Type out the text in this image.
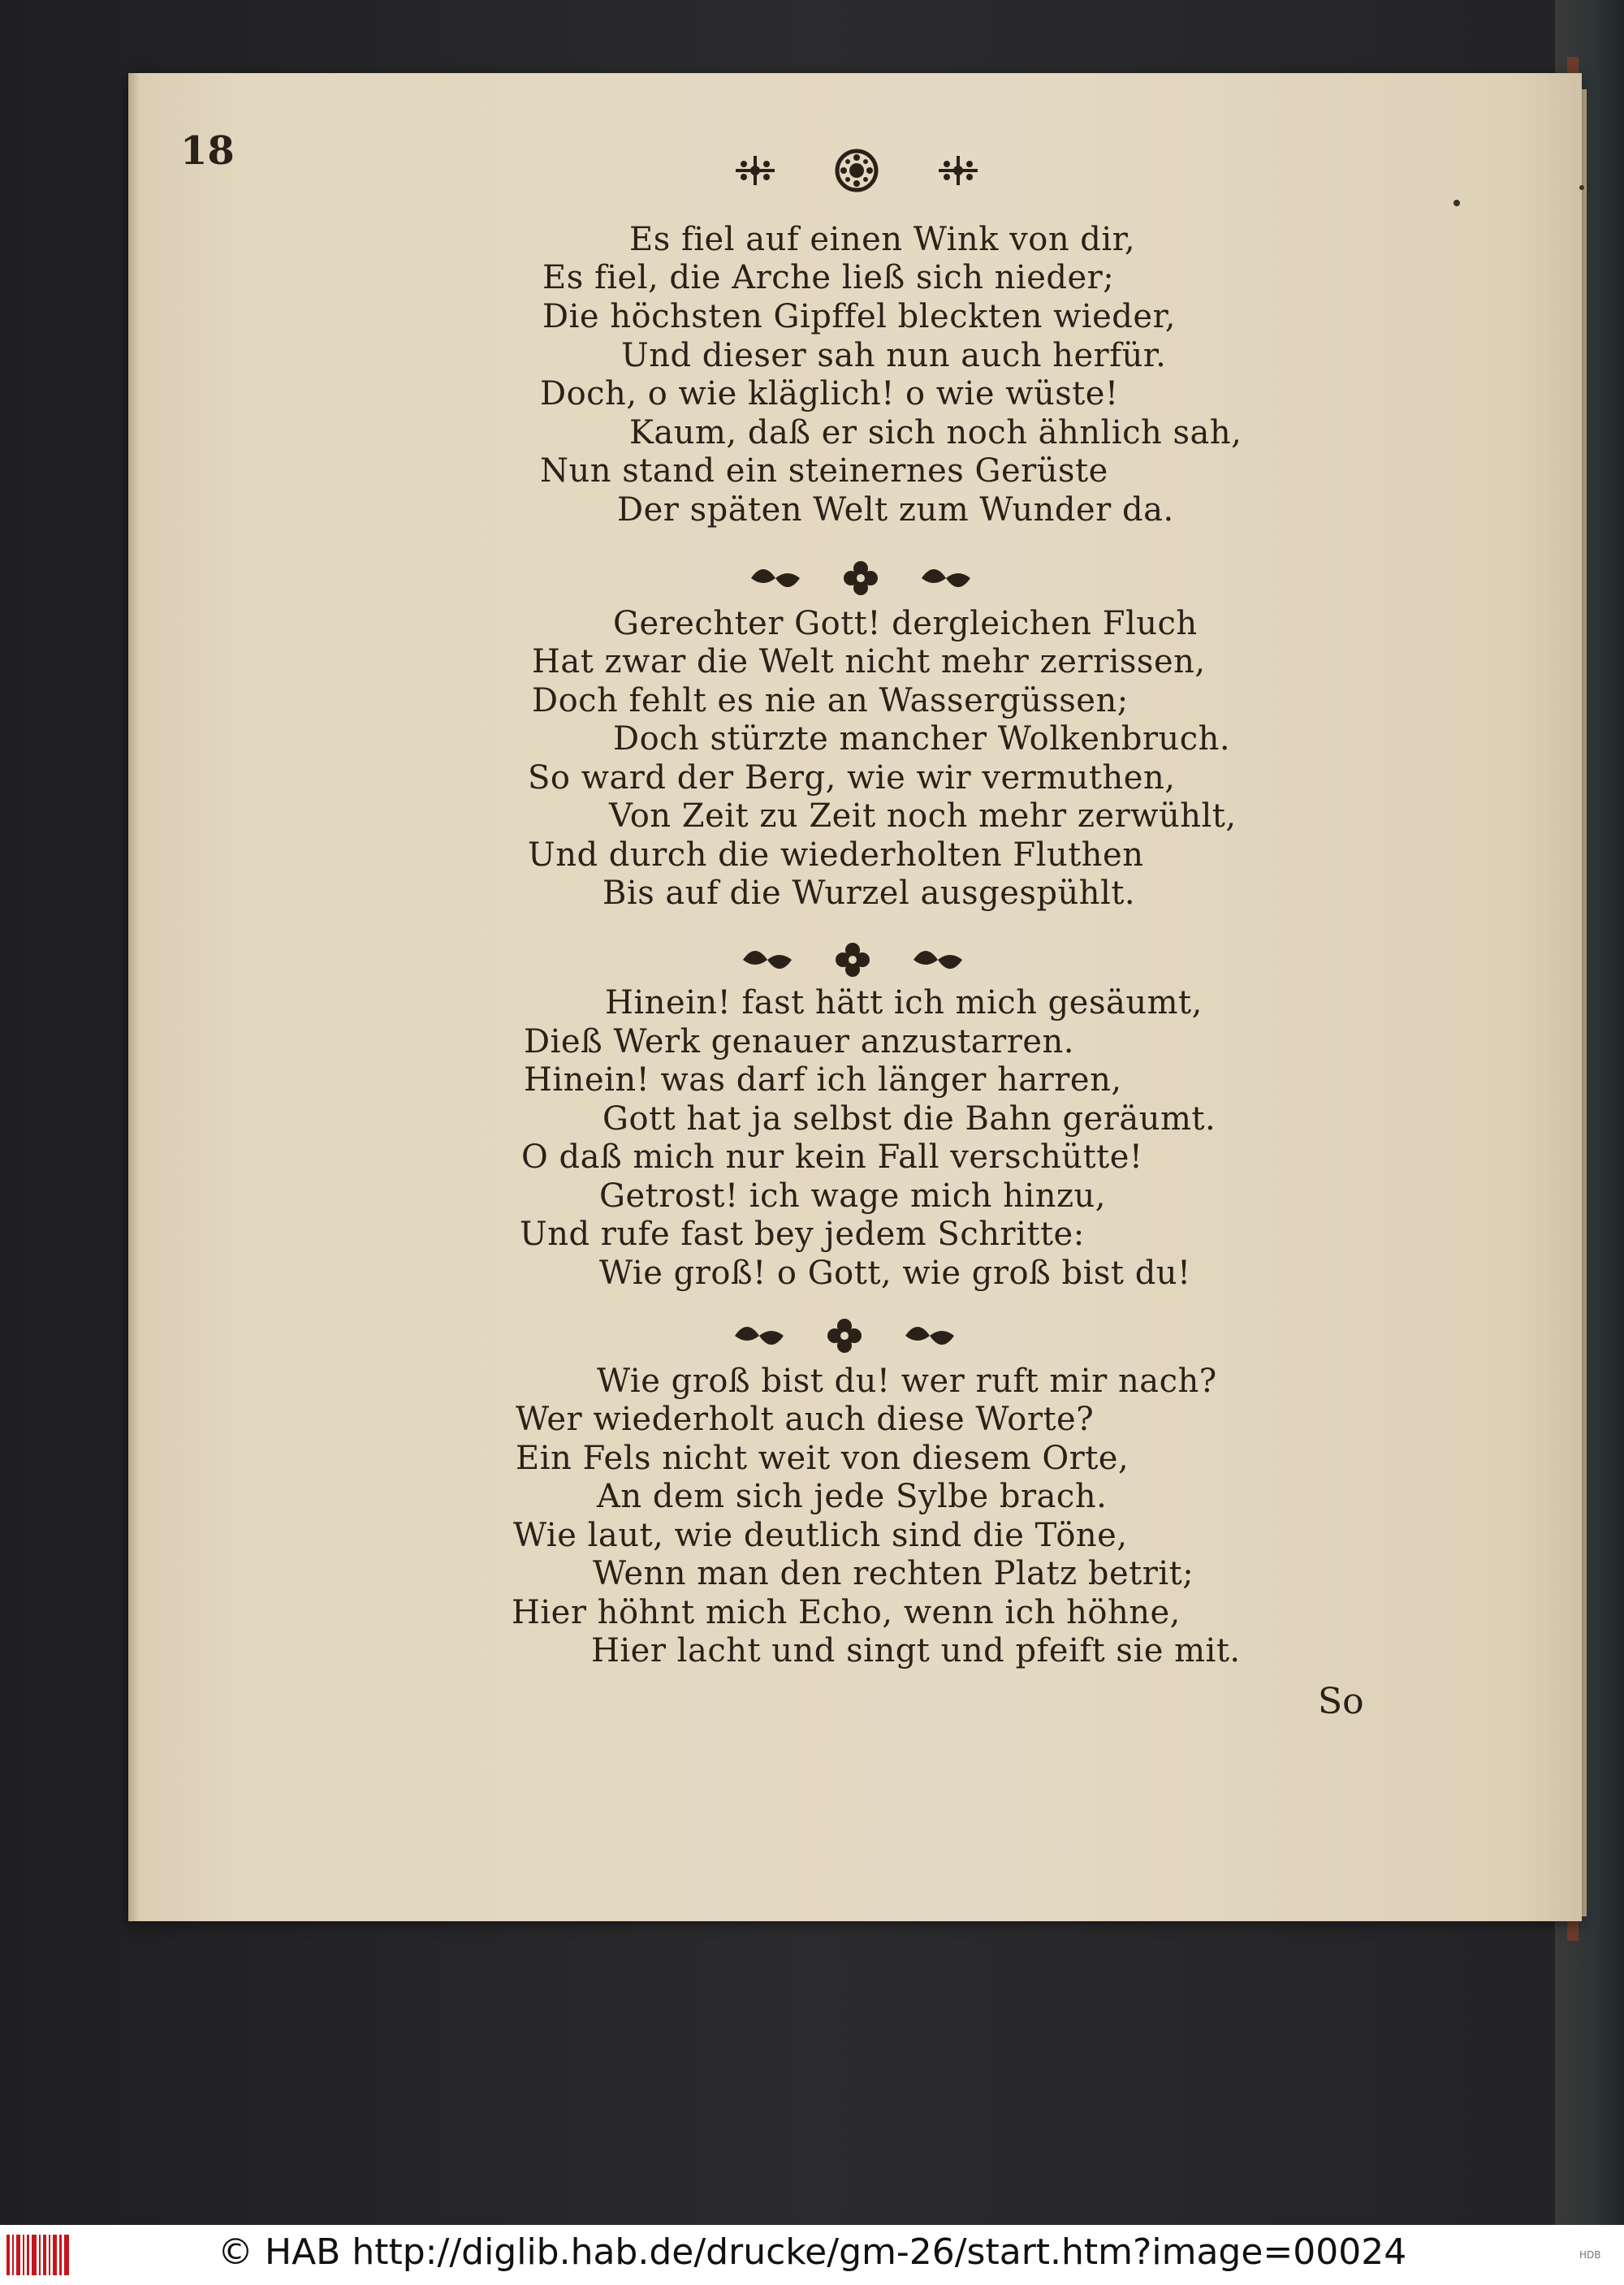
18
Es fiel auf einen Wink von dir,
Es fiel, die Arche ließ sich nieder;
Die höchsten Gipffel bleckten wieder,
Und dieser sah nun auch herfür.
Doch, o wie kläglich! o wie wüste!
Kaum, daß er sich noch ähnlich sah,
Nun stand ein steinernes Gerüste
Der späten Welt zum Wunder da.
Gerechter Gott! dergleichen Fluch
Hat zwar die Welt nicht mehr zerrissen,
Doch fehlt es nie an Wassergüssen;
Doch stürzte mancher Wolkenbruch.
So ward der Berg, wie wir vermuthen,
Von Zeit zu Zeit noch mehr zerwühlt,
Und durch die wiederholten Fluthen
Bis auf die Wurzel ausgespühlt.
Hinein! fast hätt ich mich gesäumt,
Dieß Werk genauer anzustarren.
Hinein! was darf ich länger harren,
Gott hat ja selbst die Bahn geräumt.
O daß mich nur kein Fall verschütte!
Getrost! ich wage mich hinzu,
Und rufe fast bey jedem Schritte:
Wie groß! o Gott, wie groß bist du!
Wie groß bist du! wer ruft mir nach?
Wer wiederholt auch diese Worte?
Ein Fels nicht weit von diesem Orte,
An dem sich jede Sylbe brach.
Wie laut, wie deutlich sind die Töne,
Wenn man den rechten Platz betrit;
Hier höhnt mich Echo, wenn ich höhne,
Hier lacht und singt und pfeift sie mit.
So
© HAB http://diglib.hab.de/drucke/gm-26/start.htm?image=00024	HDB
